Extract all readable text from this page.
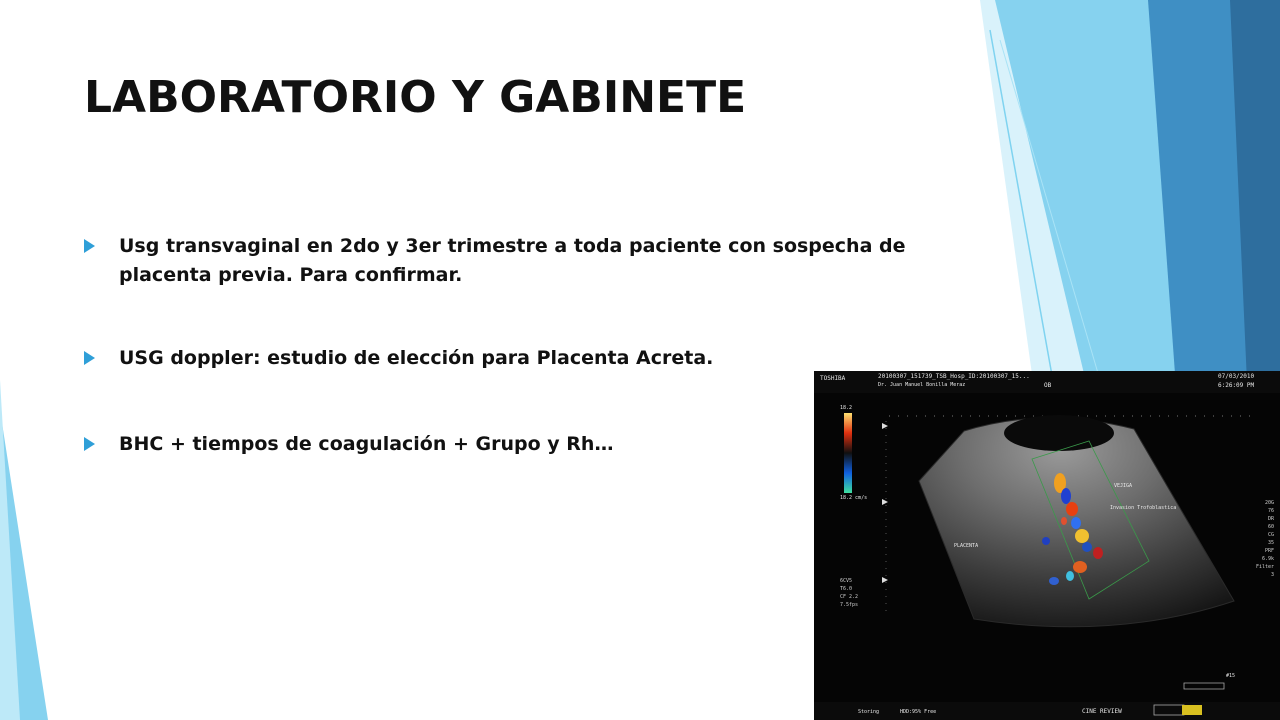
LABORATORIO Y GABINETE
Usg transvaginal en 2do y 3er trimestre a toda paciente con sospecha de placenta previa. Para confirmar.
USG doppler: estudio de elección para Placenta Acreta.
BHC + tiempos de coagulación + Grupo y Rh…
TOSHIBA	20100307_151739_TSB_Hosp_ID:20100307_15...
Dr. Juan Manuel Bonilla Meraz	OB
07/03/2010
6:26:09 PM
18.2
18.2 cm/s
VEJIGA
Invasion Trofoblastica
PLACENTA
20G
76
DR
60
CG
35
PRF
6.9k
Filter
3
6CV5
T6.0
CF 2.2
7.5fps
Storing	HDD:95% Free	CINE REVIEW
#15
